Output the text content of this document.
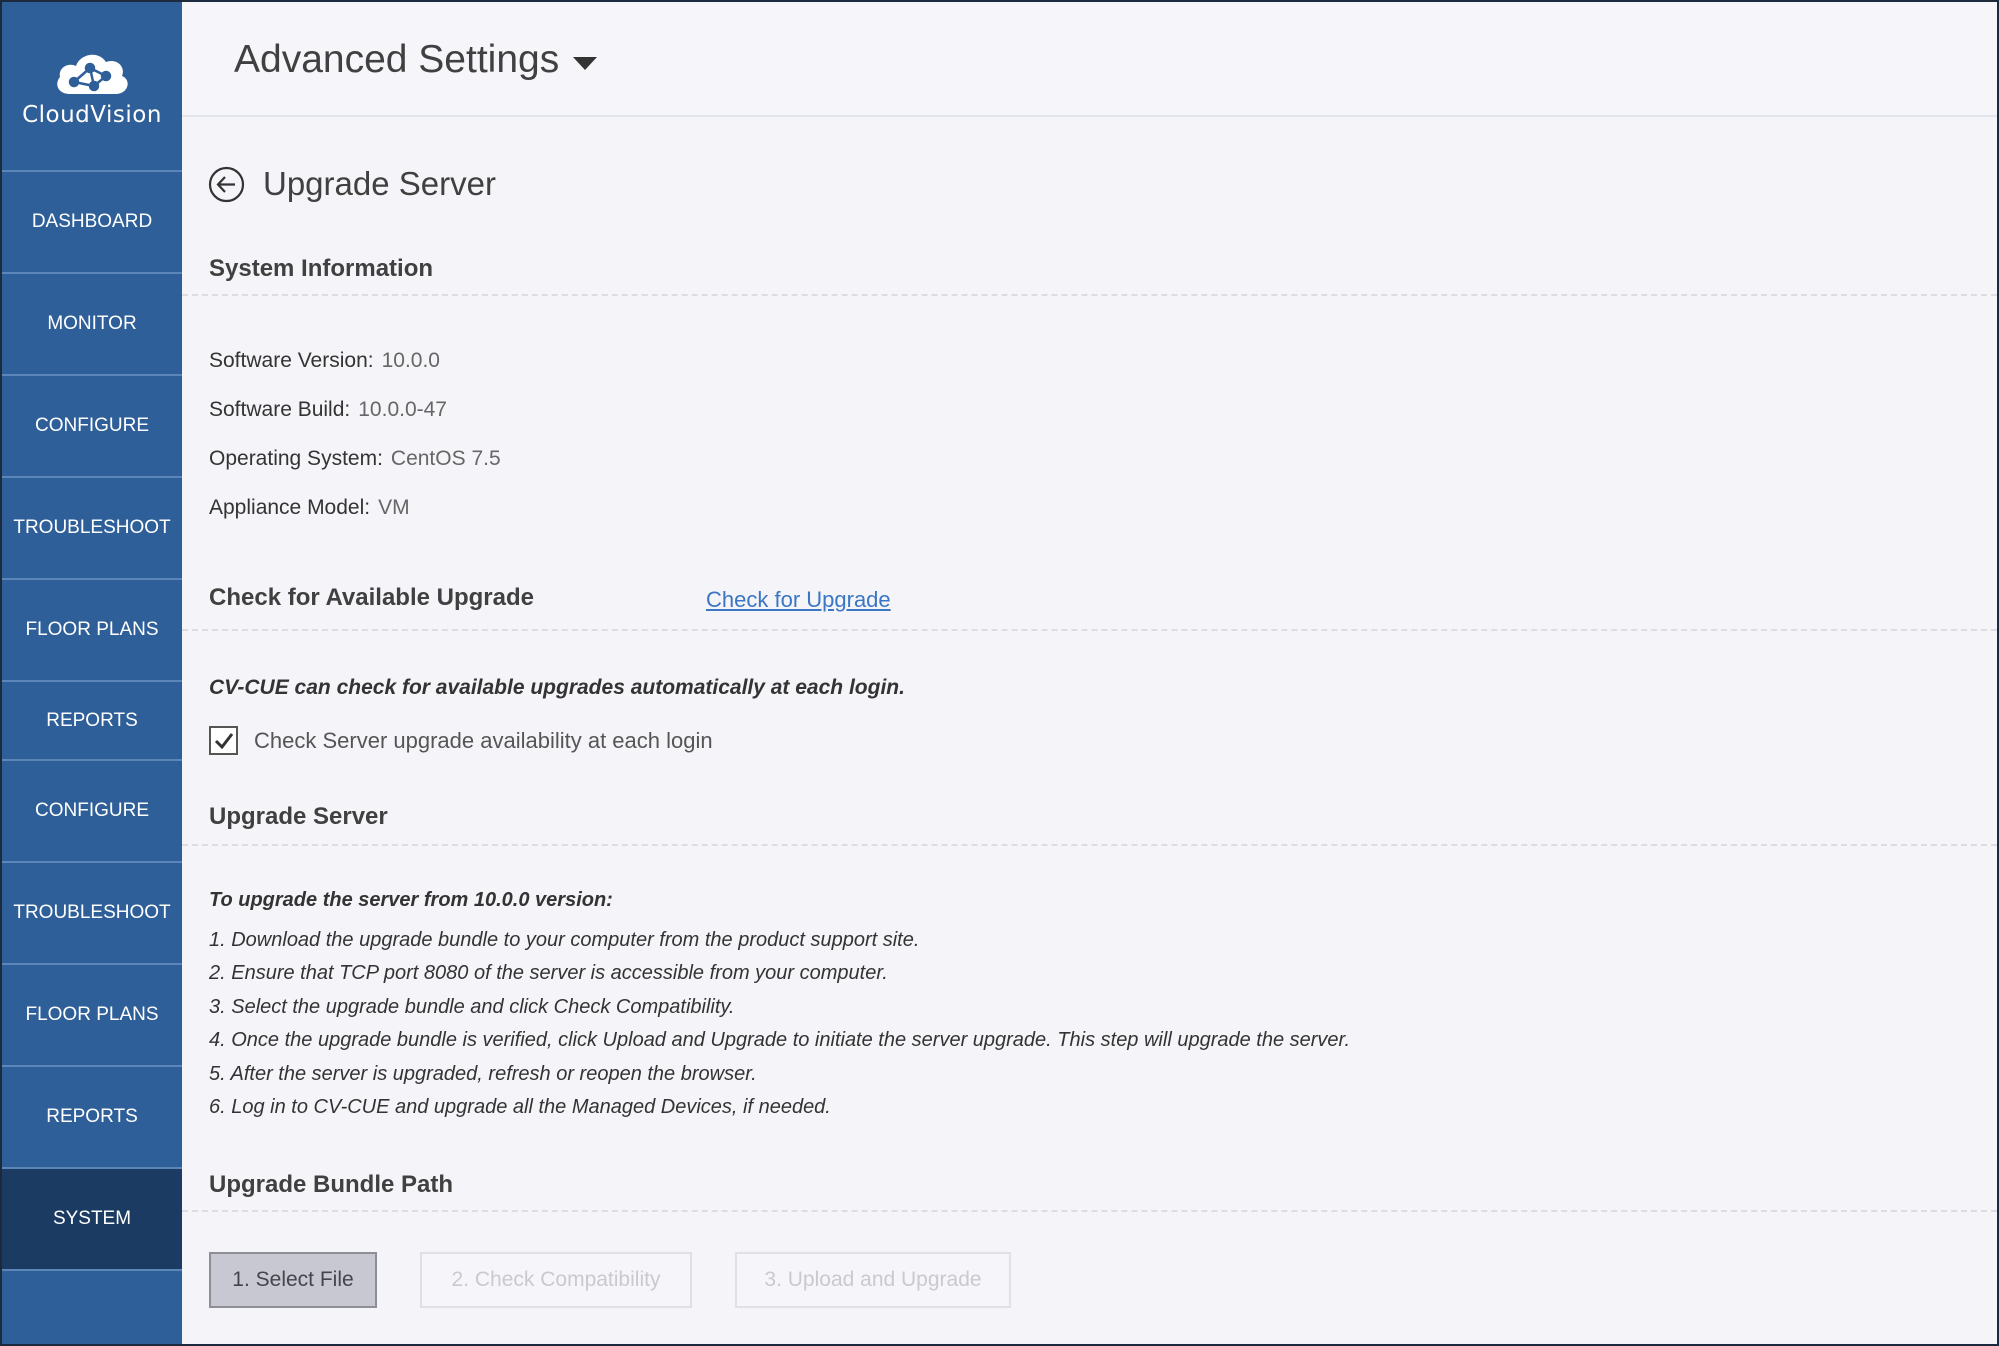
CloudVision
DASHBOARD
MONITOR
CONFIGURE
TROUBLESHOOT
FLOOR PLANS
REPORTS
CONFIGURE
TROUBLESHOOT
FLOOR PLANS
REPORTS
SYSTEM
Advanced Settings
Upgrade Server
System Information
Software Version: 10.0.0
Software Build: 10.0.0-47
Operating System: CentOS 7.5
Appliance Model: VM
Check for Available Upgrade	Check for Upgrade
CV-CUE can check for available upgrades automatically at each login.
Check Server upgrade availability at each login
Upgrade Server
To upgrade the server from 10.0.0 version:
1. Download the upgrade bundle to your computer from the product support site.
2. Ensure that TCP port 8080 of the server is accessible from your computer.
3. Select the upgrade bundle and click Check Compatibility.
4. Once the upgrade bundle is verified, click Upload and Upgrade to initiate the server upgrade. This step will upgrade the server.
5. After the server is upgraded, refresh or reopen the browser.
6. Log in to CV-CUE and upgrade all the Managed Devices, if needed.
Upgrade Bundle Path
1. Select File	2. Check Compatibility	3. Upload and Upgrade
